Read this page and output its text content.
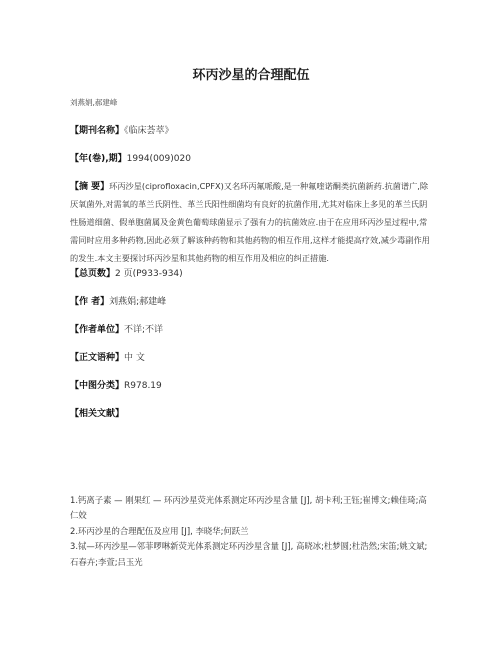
环丙沙星的合理配伍
刘燕娟,郝建峰
【期刊名称】《临床荟萃》
【年(卷),期】1994(009)020
【摘 要】环丙沙星(ciprofloxacin,CPFX)又名环丙氟哌酸,是一种氟喹诺酮类抗菌新药.抗菌谱广,除厌氧菌外,对需氧的革兰氏阴性、革兰氏阳性细菌均有良好的抗菌作用,尤其对临床上多见的革兰氏阴性肠道细菌、假单胞菌属及金黄色葡萄球菌显示了强有力的抗菌效应.由于在应用环丙沙星过程中,常需同时应用多种药物,因此必须了解该种药物和其他药物的相互作用,这样才能提高疗效,减少毒副作用的发生.本文主要探讨环丙沙星和其他药物的相互作用及相应的纠正措施.
【总页数】2 页(P933-934)
【作 者】刘燕娟;郝建峰
【作者单位】不详;不详
【正文语种】中 文
【中图分类】R978.19
【相关文献】

1.钙离子素 — 刚果红 — 环丙沙星荧光体系测定环丙沙星含量 [J], 胡卡利;王钰;崔博文;赖佳琦;高仁姣

2.环丙沙星的合理配伍及应用 [J], 李晓华;何跃兰

3.铽—环丙沙星—邻菲啰啉新荧光体系测定环丙沙星含量 [J], 高晓冰;杜梦圆;杜浩然;宋笛;姚文斌;石春卉;李萱;吕玉光
